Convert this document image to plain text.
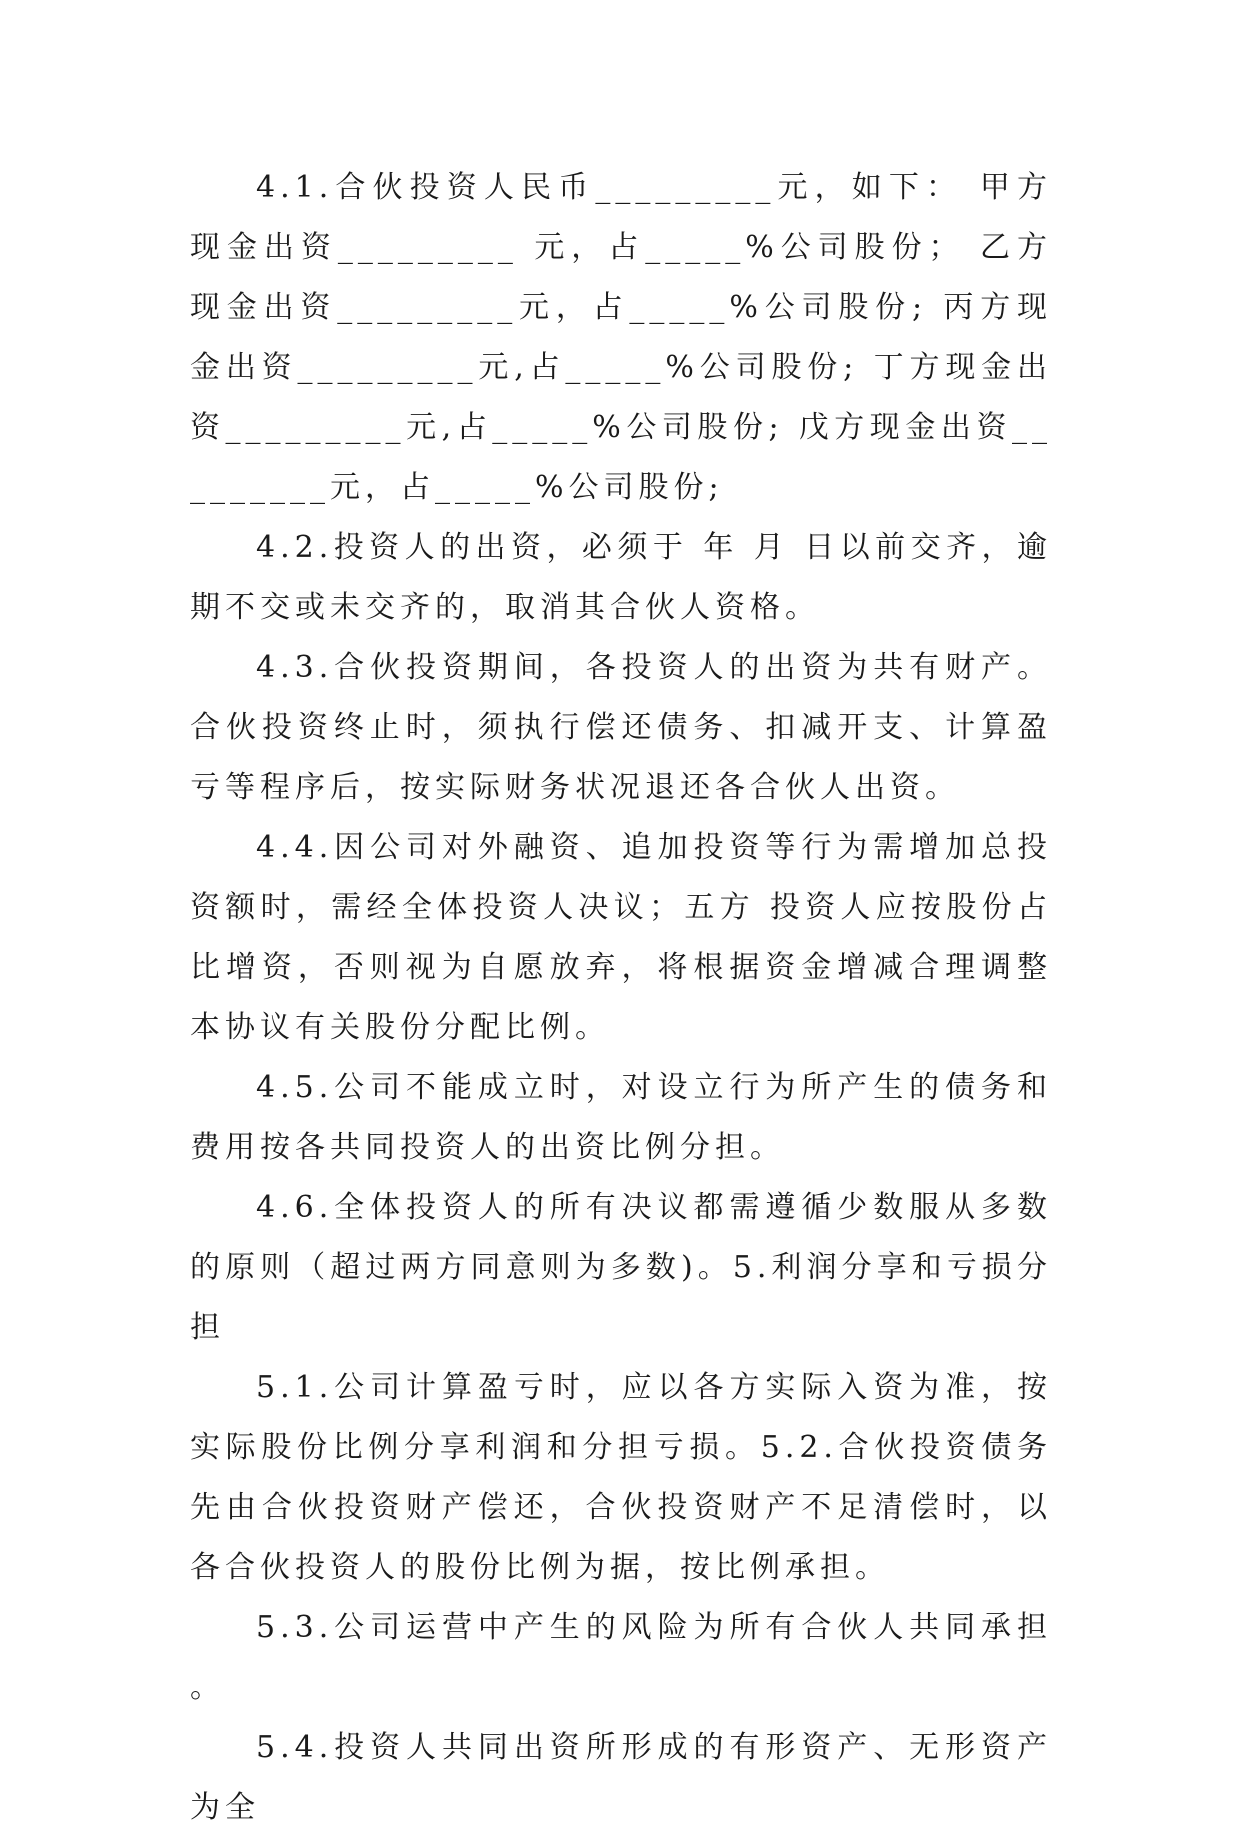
4.1.合伙投资人民币_________元，如下： 甲方现金出资_________ 元，占_____%公司股份； 乙方现金出资_________元，占_____%公司股份; 丙方现金出资_________元,占_____%公司股份; 丁方现金出资_________元,占_____%公司股份; 戊方现金出资_________元，占_____%公司股份;

4.2.投资人的出资，必须于 年 月 日以前交齐，逾期不交或未交齐的，取消其合伙人资格。

4.3.合伙投资期间，各投资人的出资为共有财产。合伙投资终止时，须执行偿还债务、扣减开支、计算盈亏等程序后，按实际财务状况退还各合伙人出资。

4.4.因公司对外融资、追加投资等行为需增加总投资额时，需经全体投资人决议；五方 投资人应按股份占比增资，否则视为自愿放弃，将根据资金增减合理调整本协议有关股份分配比例。

4.5.公司不能成立时，对设立行为所产生的债务和费用按各共同投资人的出资比例分担。

4.6.全体投资人的所有决议都需遵循少数服从多数的原则（超过两方同意则为多数)。5.利润分享和亏损分担

5.1.公司计算盈亏时，应以各方实际入资为准，按实际股份比例分享利润和分担亏损。5.2.合伙投资债务先由合伙投资财产偿还，合伙投资财产不足清偿时，以各合伙投资人的股份比例为据，按比例承担。

5.3.公司运营中产生的风险为所有合伙人共同承担。

5.4.投资人共同出资所形成的有形资产、无形资产为全
